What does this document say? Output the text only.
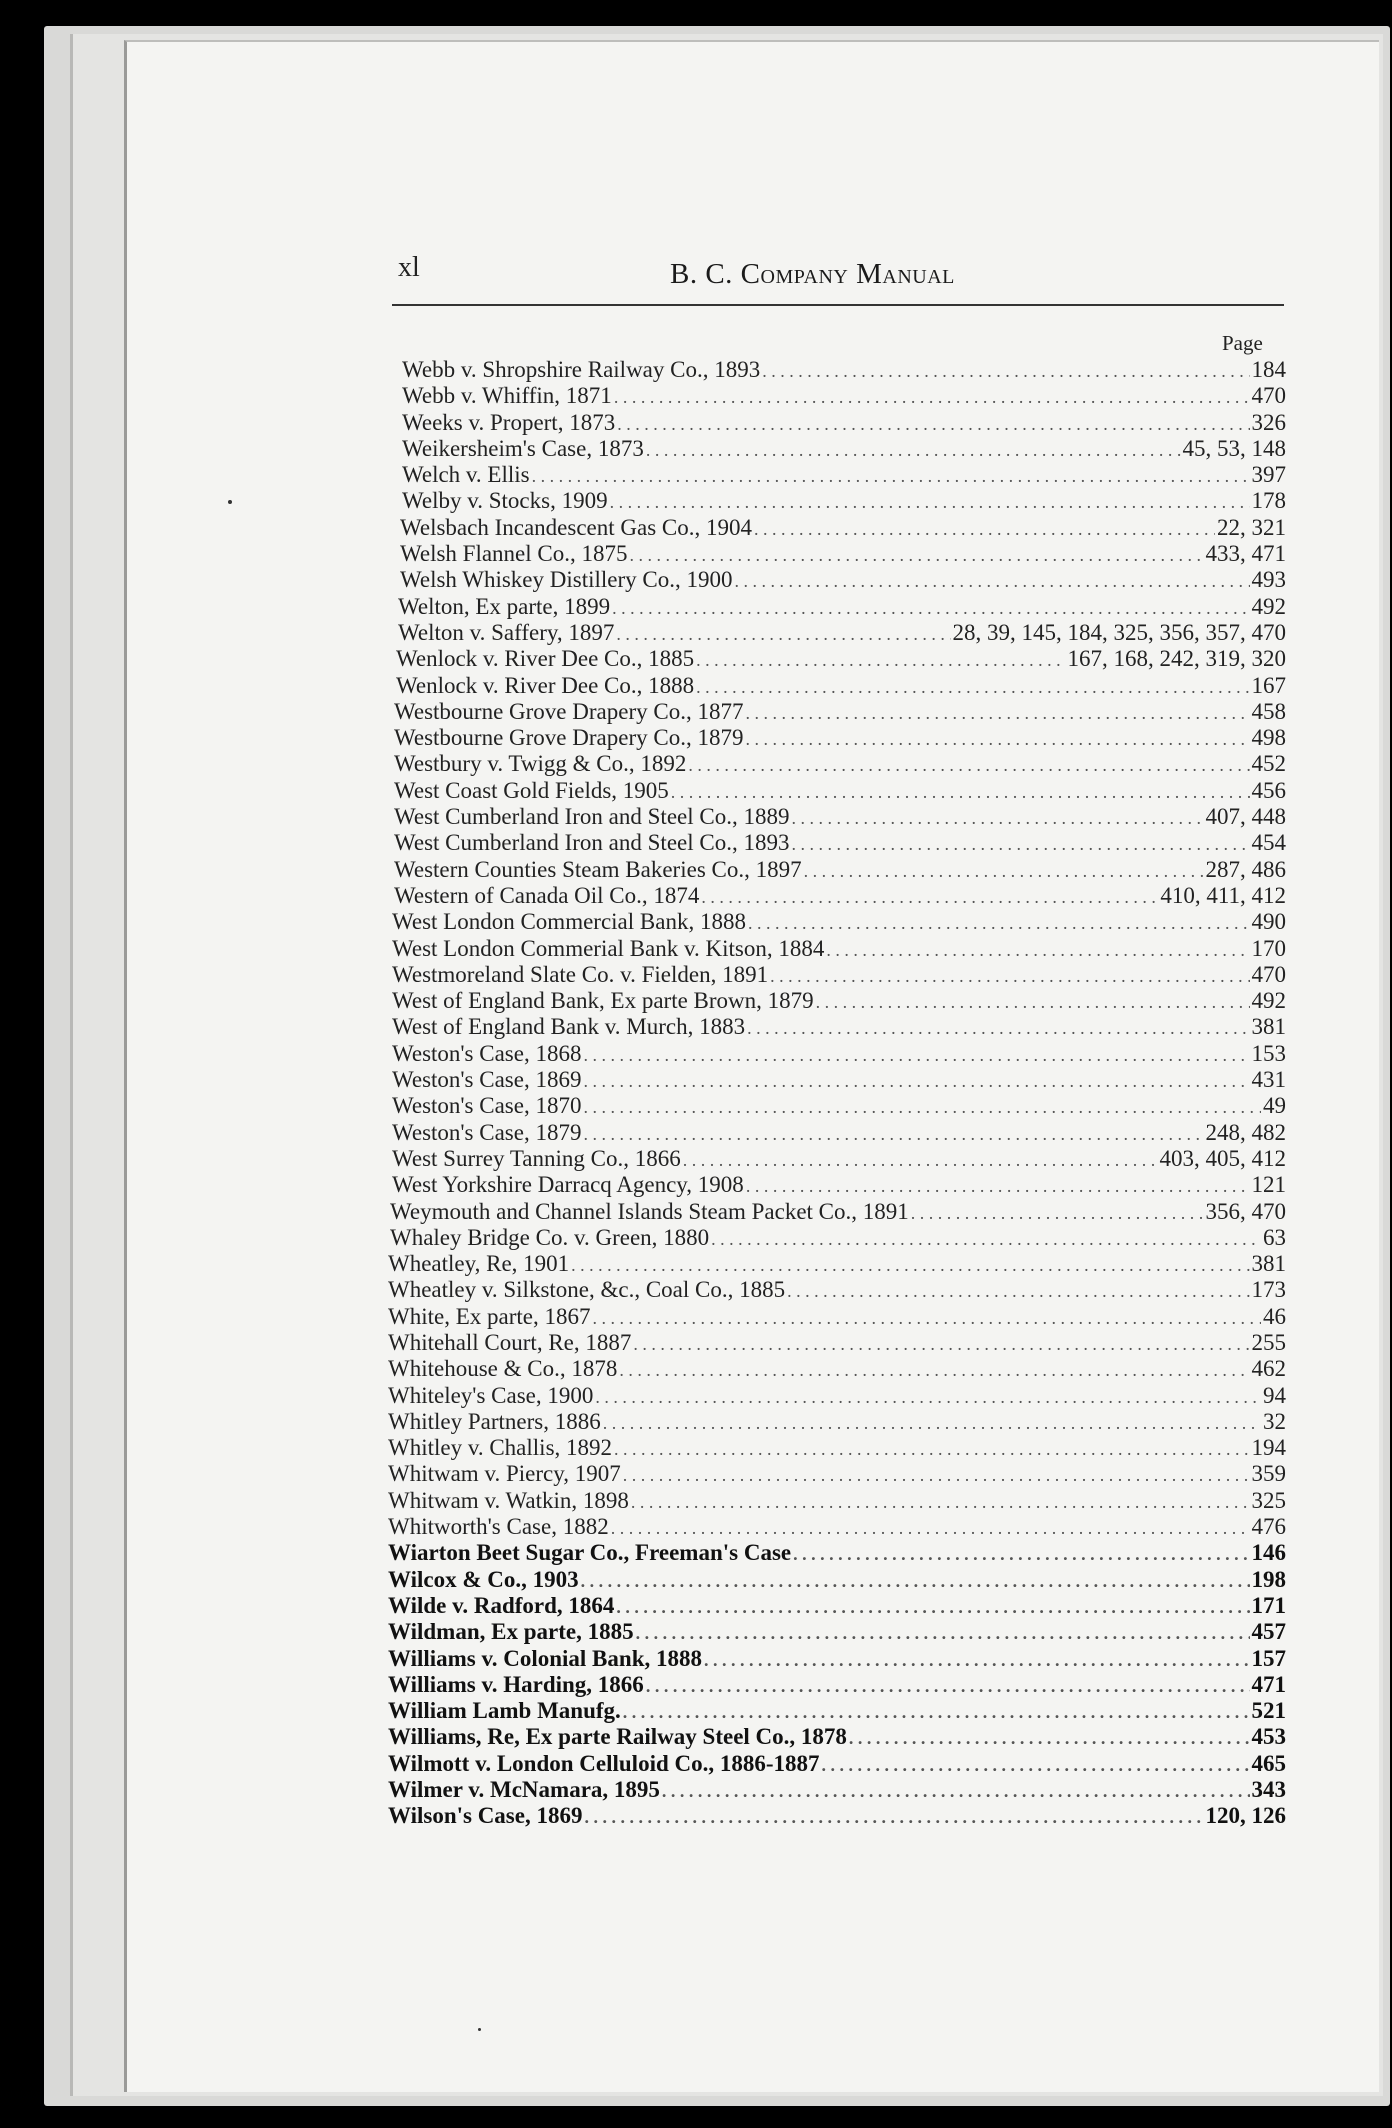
xl	B. C. Company Manual
Page
Webb v. Shropshire Railway Co., 1893 . . .	184
Webb v. Whiffin, 1871 . . .	470
Weeks v. Propert, 1873 . . .	326
Weikersheim's Case, 1873 . . .	45, 53, 148
Welch v. Ellis . . .	397
Welby v. Stocks, 1909 . . .	178
Welsbach Incandescent Gas Co., 1904 . . .	22, 321
Welsh Flannel Co., 1875 . . .	433, 471
Welsh Whiskey Distillery Co., 1900 . . .	493
Welton, Ex parte, 1899 . . .	492
Welton v. Saffery, 1897 . . .	28, 39, 145, 184, 325, 356, 357, 470
Wenlock v. River Dee Co., 1885 . . .	167, 168, 242, 319, 320
Wenlock v. River Dee Co., 1888 . . .	167
Westbourne Grove Drapery Co., 1877 . . .	458
Westbourne Grove Drapery Co., 1879 . . .	498
Westbury v. Twigg & Co., 1892 . . .	452
West Coast Gold Fields, 1905 . . .	456
West Cumberland Iron and Steel Co., 1889 . . .	407, 448
West Cumberland Iron and Steel Co., 1893 . . .	454
Western Counties Steam Bakeries Co., 1897 . . .	287, 486
Western of Canada Oil Co., 1874 . . .	410, 411, 412
West London Commercial Bank, 1888 . . .	490
West London Commerial Bank v. Kitson, 1884 . . .	170
Westmoreland Slate Co. v. Fielden, 1891 . . .	470
West of England Bank, Ex parte Brown, 1879 . . .	492
West of England Bank v. Murch, 1883 . . .	381
Weston's Case, 1868 . . .	153
Weston's Case, 1869 . . .	431
Weston's Case, 1870 . . .	49
Weston's Case, 1879 . . .	248, 482
West Surrey Tanning Co., 1866 . . .	403, 405, 412
West Yorkshire Darracq Agency, 1908 . . .	121
Weymouth and Channel Islands Steam Packet Co., 1891 . . .	356, 470
Whaley Bridge Co. v. Green, 1880 . . .	63
Wheatley, Re, 1901 . . .	381
Wheatley v. Silkstone, &c., Coal Co., 1885 . . .	173
White, Ex parte, 1867 . . .	46
Whitehall Court, Re, 1887 . . .	255
Whitehouse & Co., 1878 . . .	462
Whiteley's Case, 1900 . . .	94
Whitley Partners, 1886 . . .	32
Whitley v. Challis, 1892 . . .	194
Whitwam v. Piercy, 1907 . . .	359
Whitwam v. Watkin, 1898 . . .	325
Whitworth's Case, 1882 . . .	476
Wiarton Beet Sugar Co., Freeman's Case . . .	146
Wilcox & Co., 1903 . . .	198
Wilde v. Radford, 1864 . . .	171
Wildman, Ex parte, 1885 . . .	457
Williams v. Colonial Bank, 1888 . . .	157
Williams v. Harding, 1866 . . .	471
William Lamb Manufg. . . .	521
Williams, Re, Ex parte Railway Steel Co., 1878 . . .	453
Wilmott v. London Celluloid Co., 1886-1887 . . .	465
Wilmer v. McNamara, 1895 . . .	343
Wilson's Case, 1869 . . .	120, 126
